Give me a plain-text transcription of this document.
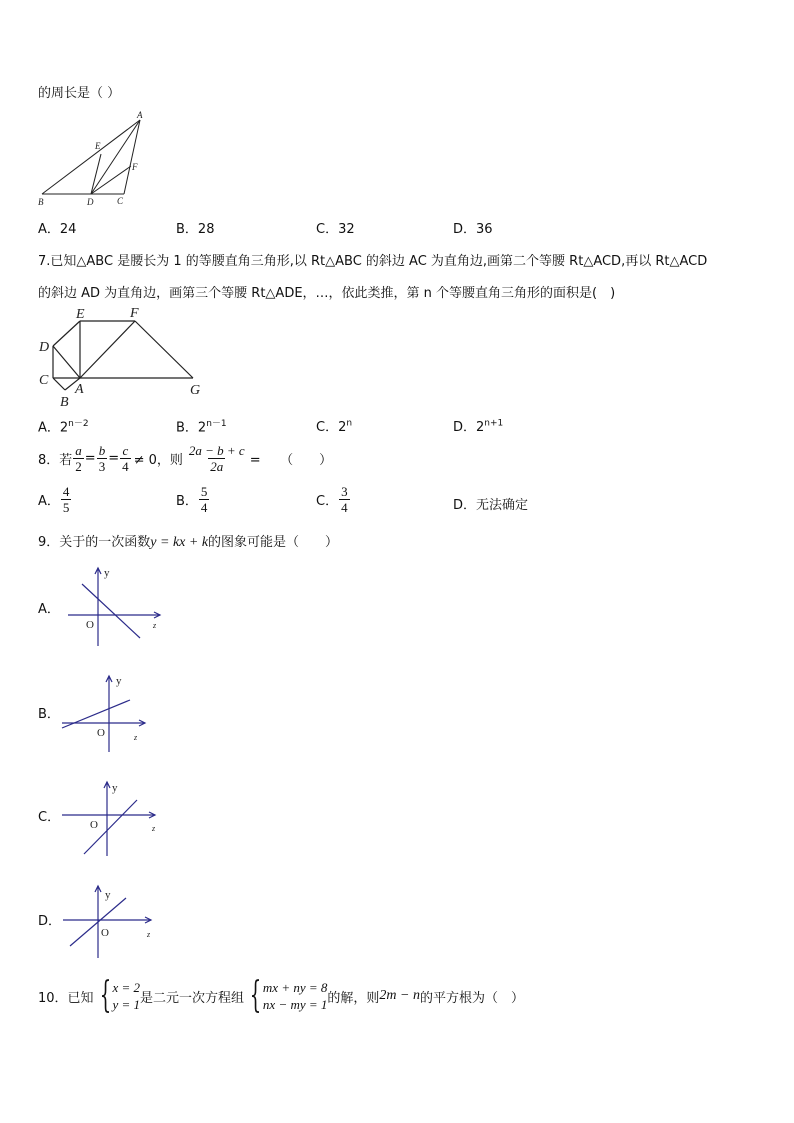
的周长是（ ）
A
B	D	C
E
F
A．24	B．28	C．32	D．36
7.已知△ABC 是腰长为 1 的等腰直角三角形,以 Rt△ABC 的斜边 AC 为直角边,画第二个等腰 Rt△ACD,再以 Rt△ACD
的斜边 AD 为直角边，画第三个等腰 Rt△ADE，…，依此类推，第 n 个等腰直角三角形的面积是(　)
D
C
E	F
A
B
G
A．$2^{n-2}$	B．$2^{n-1}$	C．2$^n$	D．$2^{n+1}$
8．若 $\frac{a}{2} = \frac{b}{3} = \frac{c}{4} \ne 0$，则 $\frac{2a - b + c}{2a}$ =　　（　　）
A． $\frac{4}{5}$	B． $\frac{5}{4}$	C． $\frac{3}{4}$	D．无法确定
9．关于的一次函数y = kx + k的图象可能是（　　）
A．
y
O	z
B．
y
O	z
C．
y
O	z
D．
y
O	z
10．已知 { x = 2
y = 1 是二元一次方程组 { mx + ny = 8
nx − my = 1 的解，则 2m − n 的平方根为（　）
